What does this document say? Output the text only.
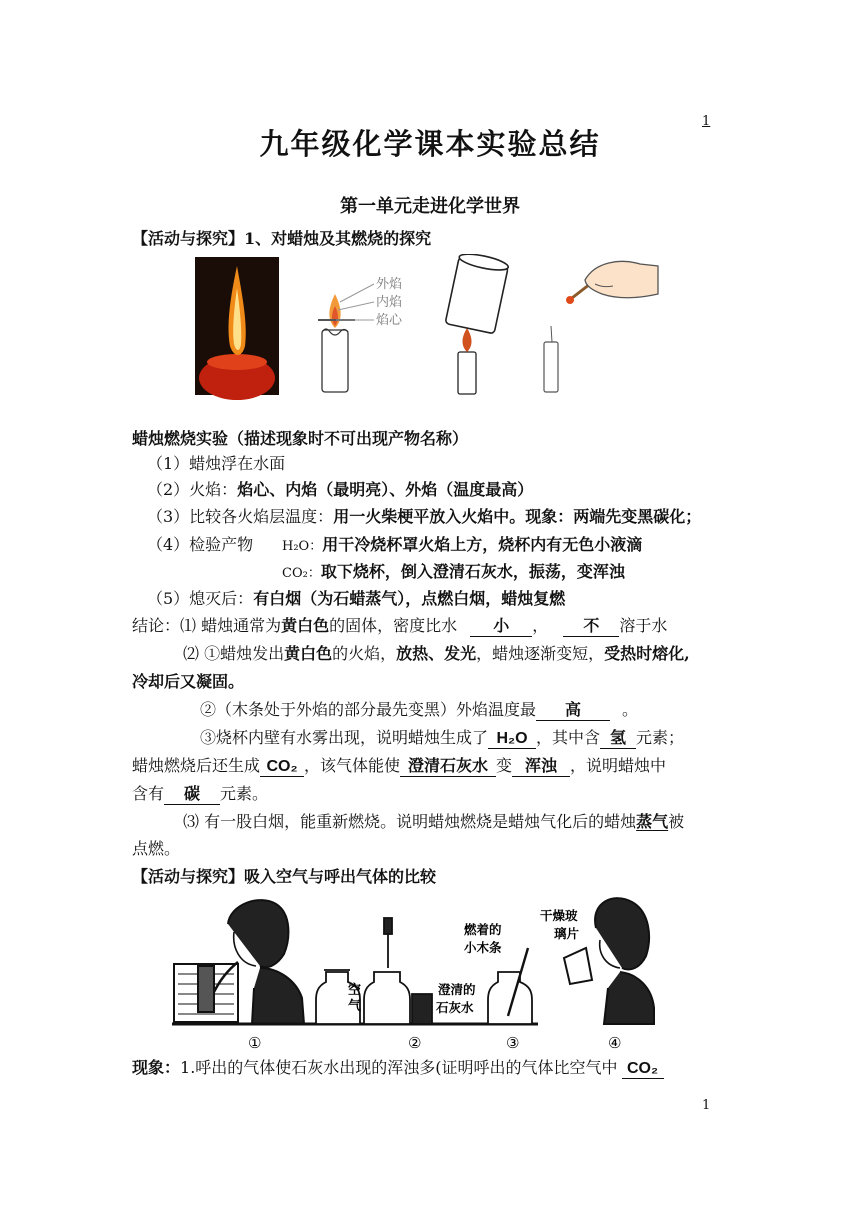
1
九年级化学课本实验总结
第一单元走进化学世界
【活动与探究】1、对蜡烛及其燃烧的探究
外焰
内焰
焰心
蜡烛燃烧实验（描述现象时不可出现产物名称）
（1）蜡烛浮在水面
（2）火焰：焰心、内焰（最明亮）、外焰（温度最高）
（3）比较各火焰层温度：用一火柴梗平放入火焰中。现象：两端先变黑碳化；
（4）检验产物 H₂O：用干冷烧杯罩火焰上方，烧杯内有无色小液滴
CO₂：取下烧杯，倒入澄清石灰水，振荡，变浑浊
（5）熄灭后：有白烟（为石蜡蒸气），点燃白烟，蜡烛复燃
结论：⑴ 蜡烛通常为黄白色的固体，密度比水 小 ， 不 溶于水
⑵ ①蜡烛发出黄白色的火焰，放热、发光，蜡烛逐渐变短，受热时熔化,
冷却后又凝固。
②（木条处于外焰的部分最先变黑）外焰温度最 高	。
③烧杯内壁有水雾出现，说明蜡烛生成了 H₂O ，其中含 氢 元素；
蜡烛燃烧后还生成 CO₂ ，该气体能使 澄清石灰水 变 浑浊 ，说明蜡烛中
含有 碳 元素。
⑶ 有一股白烟，能重新燃烧。说明蜡烛燃烧是蜡烛气化后的蜡烛蒸气被
点燃。
【活动与探究】吸入空气与呼出气体的比较
空
气
澄清的
石灰水
燃着的
小木条
干燥玻
璃片
①	②	③	④
现象：1.呼出的气体使石灰水出现的浑浊多(证明呼出的气体比空气中 CO₂
1
